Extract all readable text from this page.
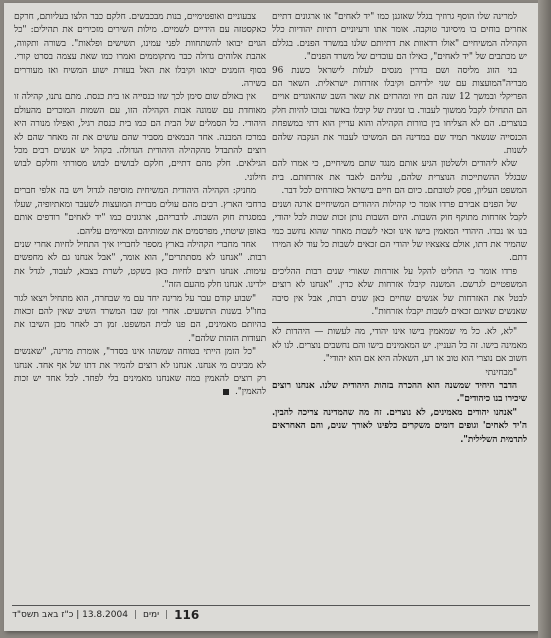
למרינה שלו הוסף גרוזיך בגלל שאזגנן כמו "יד לאחים" או ארגונים דתיים אחרים בוחים בו מיסיונר טוקבה. אומר אתו ורעיוניים דתיות יהודיות כלל הקהילה המשיחיים "אולו רדאוות את דתיותם שלנו במשרד הפנים. בגללם יש מכתבים של "יד לאחים", כאילו הם עובדים של משרד הפנים".

בני הזוג מליסה ושם בדרין מנסים לעלות לישראל כשנת 96 מבריה"המועצות עם שני ילדיהם וקיבלו אזרחות ישראלית. השאר הם הפריקלי ובמשך 12 שנה הם חיו ומהרזים את שאר השב שהאוגדים אויים הם התחילו לקבל ממשוך לעבור. בו זמנית של קיבלו באשר נבוכו להיות חלק בנוצרים. הם לא הצליחו בין כוורות הקהילה והוא עדיין הוא דתי במשפחת הכנסייה שנשאר תמיד שם במדינה הם המשיכו לעבור את הנקבה שלהם לשנות.

שלא ליהודים ולשלטון הגיע אותם מנגד שתם משיחיים, כי אמרו להם שבגלל ההשתייכות הנוצרית שלהם, עליהם לאבד את אזרחותם. בית המשפט העליון, פסק לטובתם. כיום הם חיים בישראל כאזרחים לכל דבר.

של הפנים אבירם פרדו אומר כי קהילות היהודים המשיחיים ארגה ושנים לקבל אזרחות מתוקף חוק השבות. היום השבות נותן זכות שבות לכל יהודי, בנו או נכדו. היהודי המאמין בישו אינו זכאי לשבות מאחר שהוא נחשב כמי שהמיר את דתו, אולם צאצאיו של יהודי הם זכאים לשבות כל עוד לא המירו דתם.

פרדו אומר כי החליט להקל על אזרחות שאורי שנים רבות ההליכים המשפטיים לגרשם. המשנה קיבלו אזרחות שלא כדין. "אנחנו לא רוצים לבטל את האזרחות של אנשים שחיים כאן שנים רבות, אבל אין סיבה שאנשים שאינם זכאים לשבות יקבלו אזרחות".

"לא, לא. כל מי שמאמין בישו אינו יהודי, מה לעשות — היהדות לא מאמינה בישו. זה כל העניין. יש המאמינים בישו והם נחשבים נוצרים. לנו לא חשוב אם נוצרי הוא טוב או רע, השאלה היא אם הוא יהודי".

"מבחינתי

הדבר היחיד שמשנה הוא ההכרה בזהות היהודית שלנו. אנחנו רוצים שיכירו בנו כיהודים".

"אנחנו יהודים מאמינים, לא נוצרים. זה מה שהמדינה צריכה להבין. ה'יד לאחים' וגופים דומים משקרים כלפינו לאורך שנים, והם האחראים לתדמית השלילית".

צבעוניים ואופטימיים, בנות מבכבשים. חלקם כבר הלצו בעליותם, חרקם כאקסטזה עם הידיים לשמיים. מילות השירים מזכירים את תהילים: "כל הגוים יבואו להשתחוות לפני עמינו, תשישים ופלאות". בשורה ותקווה, אהבת אלוהים גדולה כבר מתקוממים ואמרו כמו שאת עצמה בסרט קורי. בסוף הזמנים יבואו וקיבלו את האל בעזרת ישוע המשיח ואז מעוררים בשירה.

אין באולם שום סימן לכך שזו כנסייה או בית כנסת. מתם נתנו, קהילה זו מאוחדת עם שמונה אבות הקהילה הזו, עם השמות המוכרים מהעולם היהודי. כל הסמלים של הבית הם כמו בית כנסת רגיל, ואפילו מנורה היא במרכז המבנה. אחד הבמאים מסביר שהם עושים את זה מאחר שהם לא רוצים להתבדל מהקהילה היהודית הגדולה. בקהל יש אנשים רבים מכל הגילאים. חלק מהם דתיים, חלקם לבושים לבוש מסורתי וחלקם לבוש חילוני.

מחניק: הקהילה היהודית המשיחית מוסיפה לגדול ויש בה אלפי חברים ברחבי הארץ. רבים מהם עולים מברית המועצות לשעבר ומאתיופיה, שעלו במסגרת חוק השבות. לדבריהם, ארגונים כמו "יד לאחים" רודפים אותם באופן שיטתי, מפרסמים את שמותיהם ומאיימים עליהם.

אחד מחברי הקהילה בארץ מספר לחבריו איך התחיל לחיות אחרי שנים רבות. "אנחנו לא מסתתרים", הוא אומר, "אבל אנחנו גם לא מחפשים עימות. אנחנו רוצים לחיות כאן בשקט, לשרת בצבא, לעבוד, לגדל את ילדינו. אנחנו חלק מהעם הזה".

"שבוע קודם עבר על מרינה יחד עם מי שבחרה, הוא מתחיל ויצאו לגור בחו"ל בשנות התשעים. אחרי זמן שבו המשרד השיב שאין להם זכאות בהיותם מאמינים, הם פנו לבית המשפט. זמן רב לאחר מכן השיבו את תעודות הזהות שלהם".

"כל הזמן הייתי בטוחה שמשהו אינו בסדר", אומרת מרינה, "שאנשים לא מבינים מי אנחנו. אנחנו לא רוצים להמיר את דתו של אף אחד. אנחנו רק רוצים להאמין במה שאנחנו מאמינים בלי לפחד. לכל אחד יש זכות להאמין".

116
|
ימים
|
13.8.2004 | כ"ז באב תשס"ד
